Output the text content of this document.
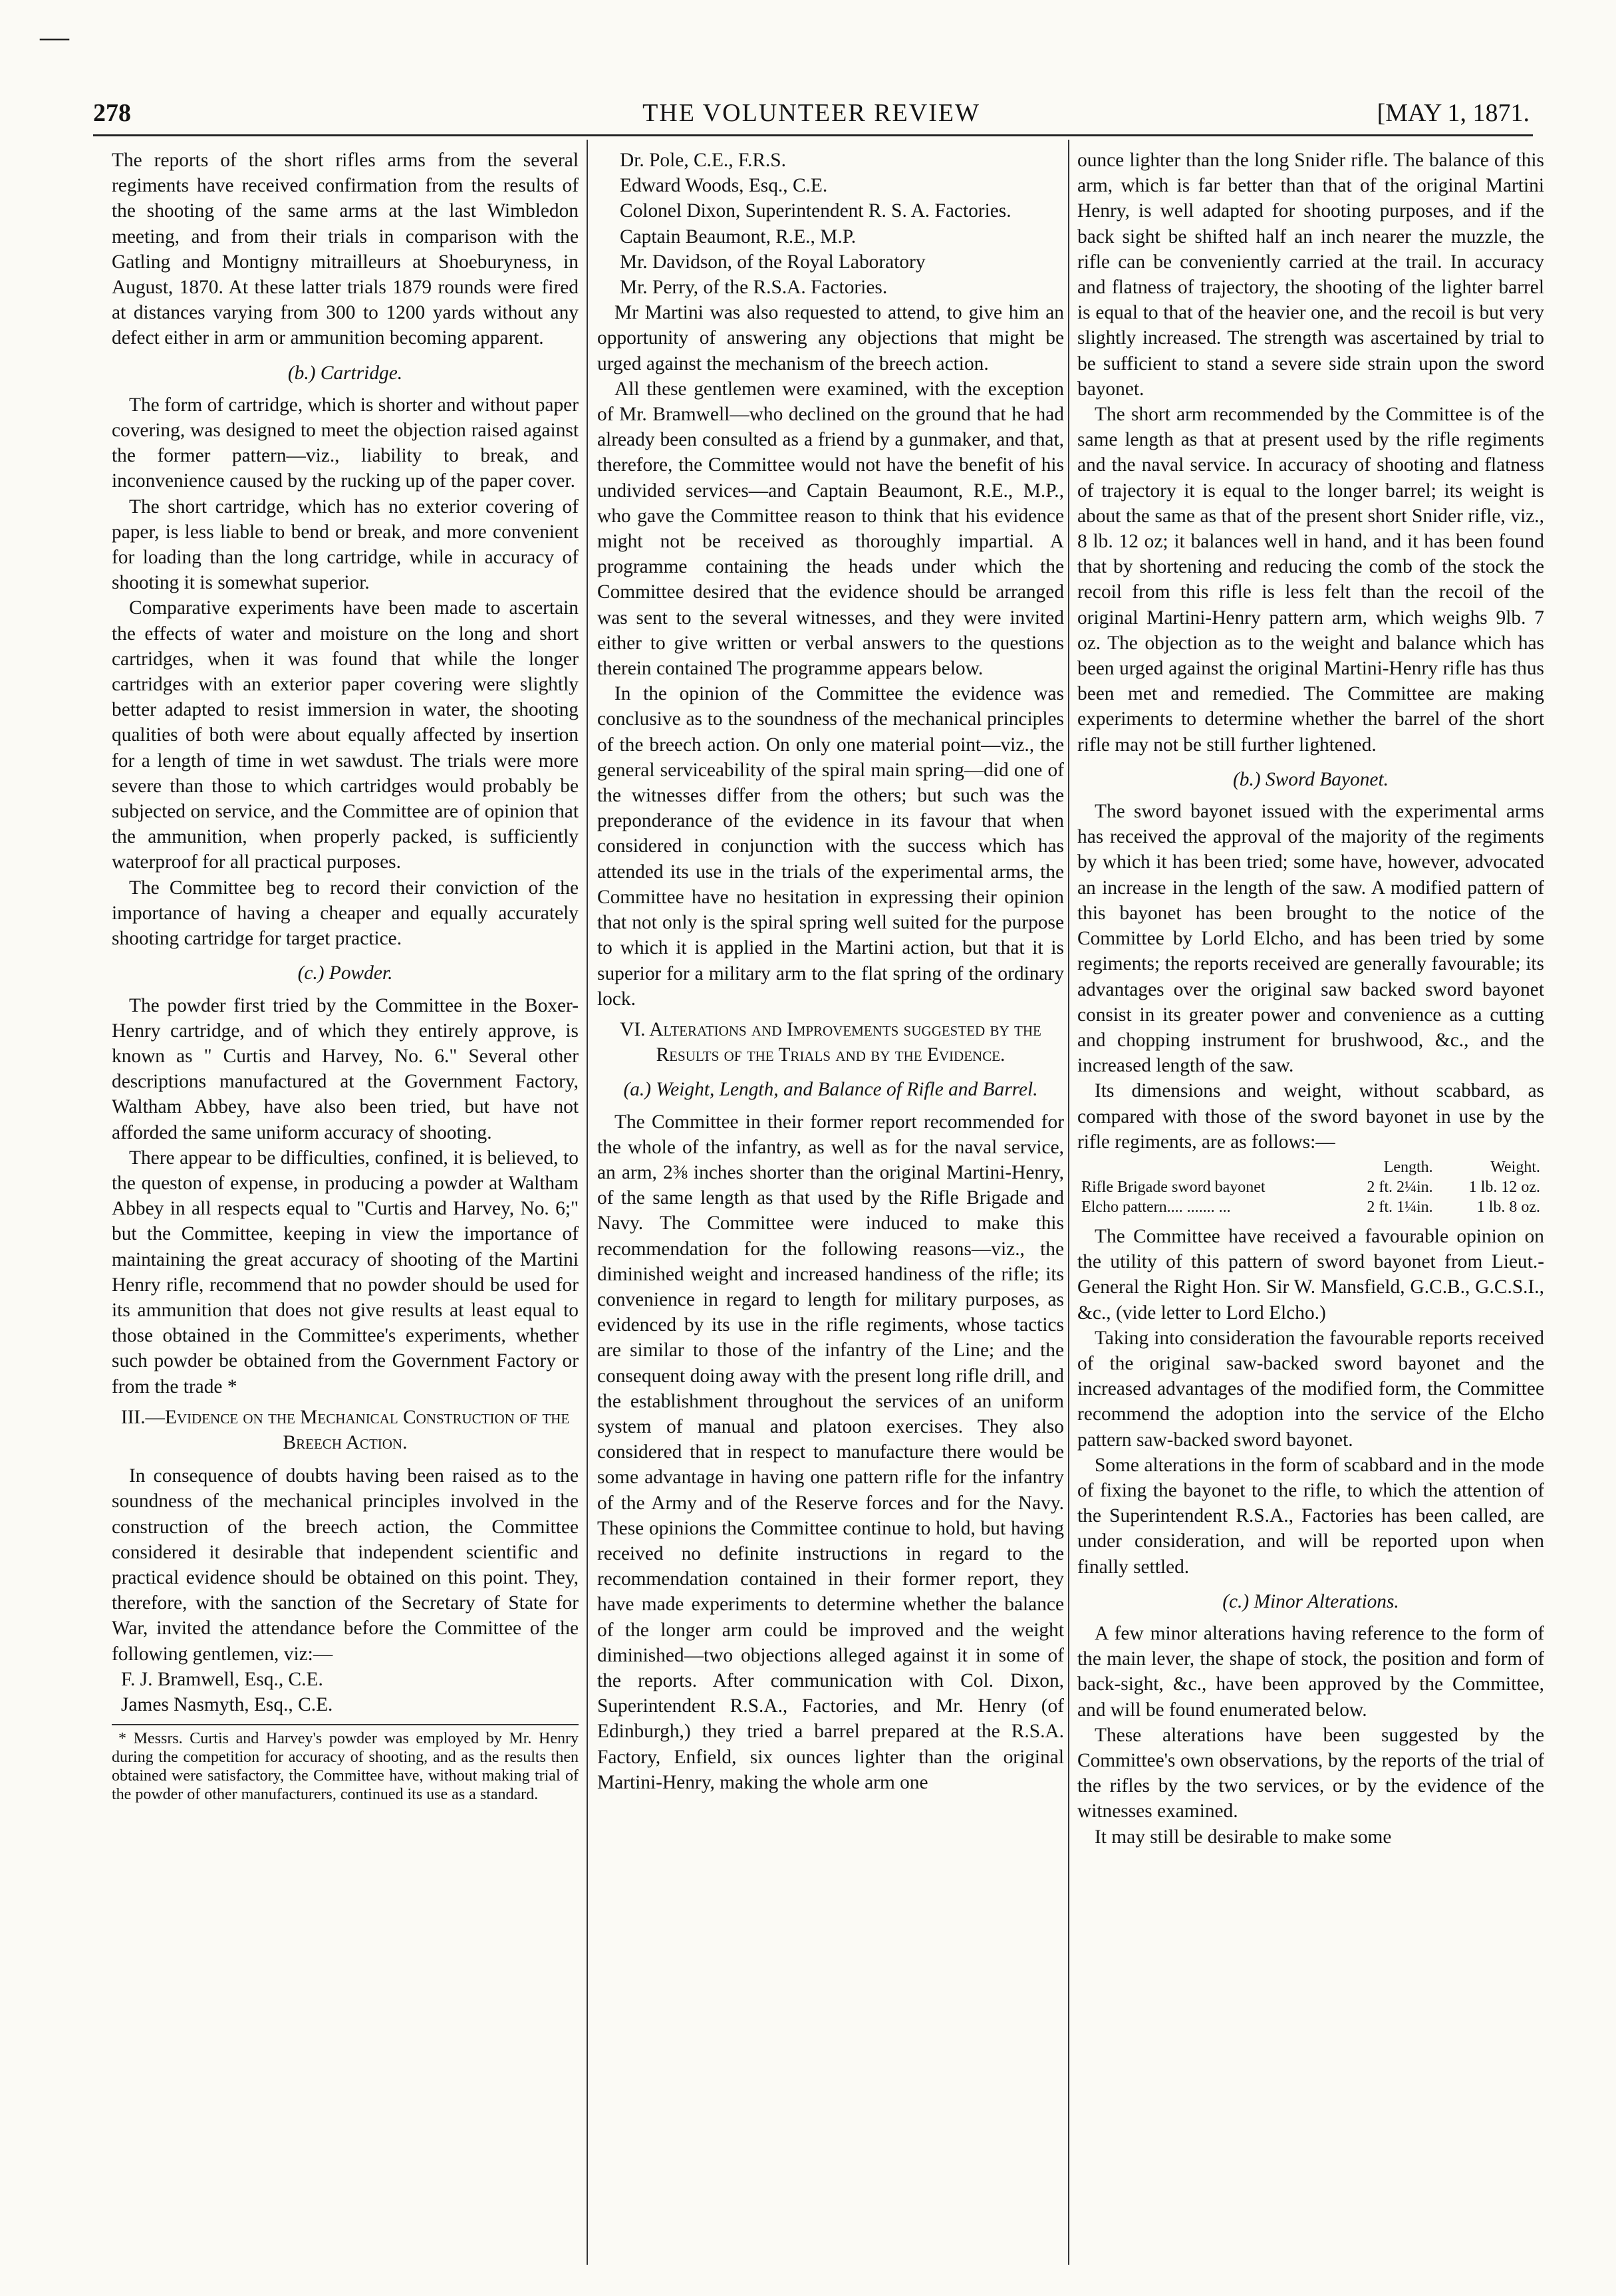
—
278	THE VOLUNTEER REVIEW	[MAY 1, 1871.

The reports of the short rifles arms from the several regiments have received confirmation from the results of the shooting of the same arms at the last Wimbledon meeting, and from their trials in comparison with the Gatling and Montigny mitrailleurs at Shoeburyness, in August, 1870. At these latter trials 1879 rounds were fired at distances varying from 300 to 1200 yards without any defect either in arm or ammunition becoming apparent.

(b.) Cartridge.

The form of cartridge, which is shorter and without paper covering, was designed to meet the objection raised against the former pattern—viz., liability to break, and inconvenience caused by the rucking up of the paper cover.

The short cartridge, which has no exterior covering of paper, is less liable to bend or break, and more convenient for loading than the long cartridge, while in accuracy of shooting it is somewhat superior.

Comparative experiments have been made to ascertain the effects of water and moisture on the long and short cartridges, when it was found that while the longer cartridges with an exterior paper covering were slightly better adapted to resist immersion in water, the shooting qualities of both were about equally affected by insertion for a length of time in wet sawdust. The trials were more severe than those to which cartridges would probably be subjected on service, and the Committee are of opinion that the ammunition, when properly packed, is sufficiently waterproof for all practical purposes.

The Committee beg to record their conviction of the importance of having a cheaper and equally accurately shooting cartridge for target practice.

(c.) Powder.

The powder first tried by the Committee in the Boxer-Henry cartridge, and of which they entirely approve, is known as " Curtis and Harvey, No. 6." Several other descriptions manufactured at the Government Factory, Waltham Abbey, have also been tried, but have not afforded the same uniform accuracy of shooting.

There appear to be difficulties, confined, it is believed, to the queston of expense, in producing a powder at Waltham Abbey in all respects equal to "Curtis and Harvey, No. 6;" but the Committee, keeping in view the importance of maintaining the great accuracy of shooting of the Martini Henry rifle, recommend that no powder should be used for its ammunition that does not give results at least equal to those obtained in the Committee's experiments, whether such powder be obtained from the Government Factory or from the trade *

III.—Evidence on the Mechanical Construction of the Breech Action.

In consequence of doubts having been raised as to the soundness of the mechanical principles involved in the construction of the breech action, the Committee considered it desirable that independent scientific and practical evidence should be obtained on this point. They, therefore, with the sanction of the Secretary of State for War, invited the attendance before the Committee of the following gentlemen, viz:—

F. J. Bramwell, Esq., C.E.

James Nasmyth, Esq., C.E.

* Messrs. Curtis and Harvey's powder was employed by Mr. Henry during the competition for accuracy of shooting, and as the results then obtained were satisfactory, the Committee have, without making trial of the powder of other manufacturers, continued its use as a standard.

Dr. Pole, C.E., F.R.S.

Edward Woods, Esq., C.E.

Colonel Dixon, Superintendent R. S. A. Factories.

Captain Beaumont, R.E., M.P.

Mr. Davidson, of the Royal Laboratory

Mr. Perry, of the R.S.A. Factories.

Mr Martini was also requested to attend, to give him an opportunity of answering any objections that might be urged against the mechanism of the breech action.

All these gentlemen were examined, with the exception of Mr. Bramwell—who declined on the ground that he had already been consulted as a friend by a gunmaker, and that, therefore, the Committee would not have the benefit of his undivided services—and Captain Beaumont, R.E., M.P., who gave the Committee reason to think that his evidence might not be received as thoroughly impartial. A programme containing the heads under which the Committee desired that the evidence should be arranged was sent to the several witnesses, and they were invited either to give written or verbal answers to the questions therein contained The programme appears below.

In the opinion of the Committee the evidence was conclusive as to the soundness of the mechanical principles of the breech action. On only one material point—viz., the general serviceability of the spiral main spring—did one of the witnesses differ from the others; but such was the preponderance of the evidence in its favour that when considered in conjunction with the success which has attended its use in the trials of the experimental arms, the Committee have no hesitation in expressing their opinion that not only is the spiral spring well suited for the purpose to which it is applied in the Martini action, but that it is superior for a military arm to the flat spring of the ordinary lock.

VI. Alterations and Improvements suggested by the Results of the Trials and by the Evidence.

(a.) Weight, Length, and Balance of Rifle and Barrel.

The Committee in their former report recommended for the whole of the infantry, as well as for the naval service, an arm, 2⅜ inches shorter than the original Martini-Henry, of the same length as that used by the Rifle Brigade and Navy. The Committee were induced to make this recommendation for the following reasons—viz., the diminished weight and increased handiness of the rifle; its convenience in regard to length for military purposes, as evidenced by its use in the rifle regiments, whose tactics are similar to those of the infantry of the Line; and the consequent doing away with the present long rifle drill, and the establishment throughout the services of an uniform system of manual and platoon exercises. They also considered that in respect to manufacture there would be some advantage in having one pattern rifle for the infantry of the Army and of the Reserve forces and for the Navy. These opinions the Committee continue to hold, but having received no definite instructions in regard to the recommendation contained in their former report, they have made experiments to determine whether the balance of the longer arm could be improved and the weight diminished—two objections alleged against it in some of the reports. After communication with Col. Dixon, Superintendent R.S.A., Factories, and Mr. Henry (of Edinburgh,) they tried a barrel prepared at the R.S.A. Factory, Enfield, six ounces lighter than the original Martini-Henry, making the whole arm one

ounce lighter than the long Snider rifle. The balance of this arm, which is far better than that of the original Martini Henry, is well adapted for shooting purposes, and if the back sight be shifted half an inch nearer the muzzle, the rifle can be conveniently carried at the trail. In accuracy and flatness of trajectory, the shooting of the lighter barrel is equal to that of the heavier one, and the recoil is but very slightly increased. The strength was ascertained by trial to be sufficient to stand a severe side strain upon the sword bayonet.

The short arm recommended by the Committee is of the same length as that at present used by the rifle regiments and the naval service. In accuracy of shooting and flatness of trajectory it is equal to the longer barrel; its weight is about the same as that of the present short Snider rifle, viz., 8 lb. 12 oz; it balances well in hand, and it has been found that by shortening and reducing the comb of the stock the recoil from this rifle is less felt than the recoil of the original Martini-Henry pattern arm, which weighs 9lb. 7 oz. The objection as to the weight and balance which has been urged against the original Martini-Henry rifle has thus been met and remedied. The Committee are making experiments to determine whether the barrel of the short rifle may not be still further lightened.

(b.) Sword Bayonet.

The sword bayonet issued with the experimental arms has received the approval of the majority of the regiments by which it has been tried; some have, however, advocated an increase in the length of the saw. A modified pattern of this bayonet has been brought to the notice of the Committee by Lorld Elcho, and has been tried by some regiments; the reports received are generally favourable; its advantages over the original saw backed sword bayonet consist in its greater power and convenience as a cutting and chopping instrument for brushwood, &c., and the increased length of the saw.

Its dimensions and weight, without scabbard, as compared with those of the sword bayonet in use by the rifle regiments, are as follows:—

	Length.	Weight.
Rifle Brigade sword bayonet	2 ft. 2¼in.	1 lb. 12 oz.
Elcho pattern.... ....... ...	2 ft. 1¼in.	1 lb. 8 oz.

The Committee have received a favourable opinion on the utility of this pattern of sword bayonet from Lieut.-General the Right Hon. Sir W. Mansfield, G.C.B., G.C.S.I., &c., (vide letter to Lord Elcho.)

Taking into consideration the favourable reports received of the original saw-backed sword bayonet and the increased advantages of the modified form, the Committee recommend the adoption into the service of the Elcho pattern saw-backed sword bayonet.

Some alterations in the form of scabbard and in the mode of fixing the bayonet to the rifle, to which the attention of the Superintendent R.S.A., Factories has been called, are under consideration, and will be reported upon when finally settled.

(c.) Minor Alterations.

A few minor alterations having reference to the form of the main lever, the shape of stock, the position and form of back-sight, &c., have been approved by the Committee, and will be found enumerated below.

These alterations have been suggested by the Committee's own observations, by the reports of the trial of the rifles by the two services, or by the evidence of the witnesses examined.

It may still be desirable to make some
